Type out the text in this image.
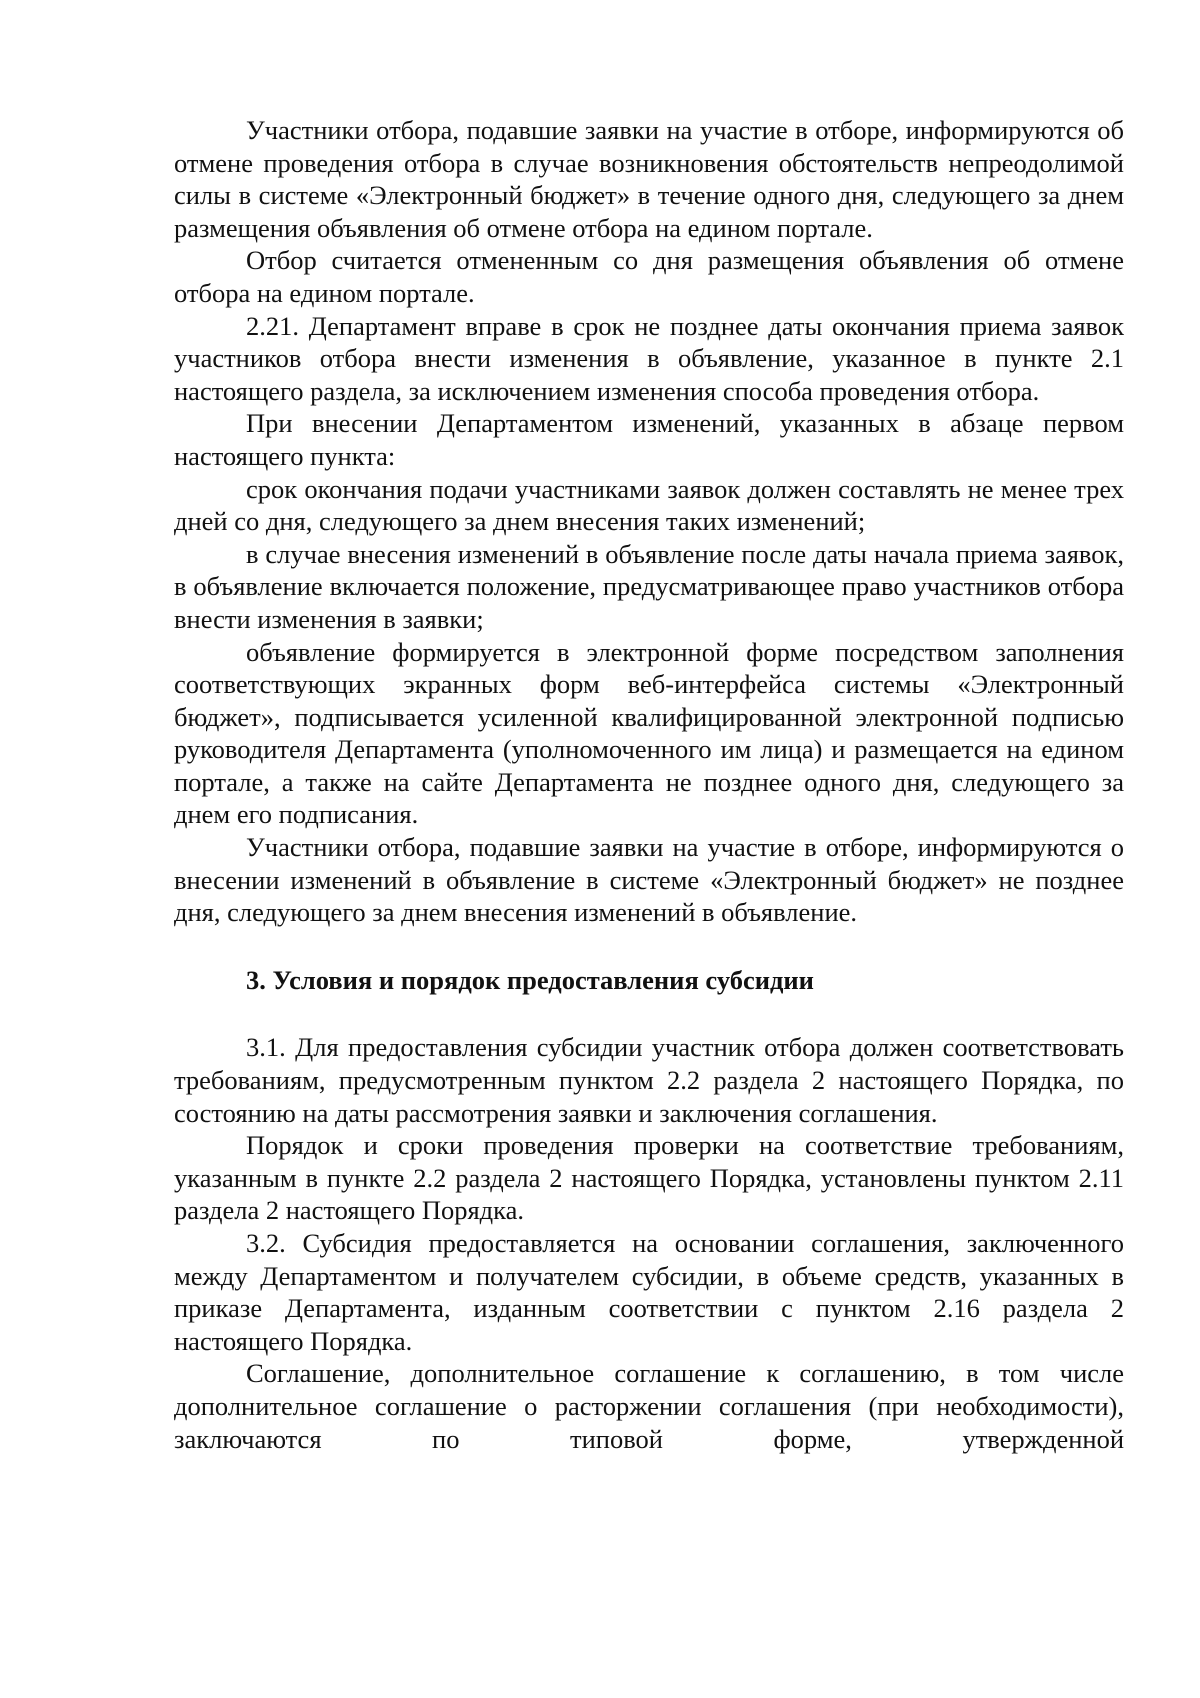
Участники отбора, подавшие заявки на участие в отборе, информируются об отмене проведения отбора в случае возникновения обстоятельств непреодолимой силы в системе «Электронный бюджет» в течение одного дня, следующего за днем размещения объявления об отмене отбора на едином портале.

Отбор считается отмененным со дня размещения объявления об отмене отбора на едином портале.

2.21. Департамент вправе в срок не позднее даты окончания приема заявок участников отбора внести изменения в объявление, указанное в пункте 2.1 настоящего раздела, за исключением изменения способа проведения отбора.

При внесении Департаментом изменений, указанных в абзаце первом настоящего пункта:

срок окончания подачи участниками заявок должен составлять не менее трех дней со дня, следующего за днем внесения таких изменений;

в случае внесения изменений в объявление после даты начала приема заявок, в объявление включается положение, предусматривающее право участников отбора внести изменения в заявки;

объявление формируется в электронной форме посредством заполнения соответствующих экранных форм веб-интерфейса системы «Электронный бюджет», подписывается усиленной квалифицированной электронной подписью руководителя Департамента (уполномоченного им лица) и размещается на едином портале, а также на сайте Департамента не позднее одного дня, следующего за днем его подписания.

Участники отбора, подавшие заявки на участие в отборе, информируются о внесении изменений в объявление в системе «Электронный бюджет» не позднее дня, следующего за днем внесения изменений в объявление.

3. Условия и порядок предоставления субсидии

3.1. Для предоставления субсидии участник отбора должен соответствовать требованиям, предусмотренным пунктом 2.2 раздела 2 настоящего Порядка, по состоянию на даты рассмотрения заявки и заключения соглашения.

Порядок и сроки проведения проверки на соответствие требованиям, указанным в пункте 2.2 раздела 2 настоящего Порядка, установлены пунктом 2.11 раздела 2 настоящего Порядка.

3.2. Субсидия предоставляется на основании соглашения, заключенного между Департаментом и получателем субсидии, в объеме средств, указанных в приказе Департамента, изданным соответствии с пунктом 2.16 раздела 2 настоящего Порядка.

Соглашение, дополнительное соглашение к соглашению, в том числе дополнительное соглашение о расторжении соглашения (при необходимости), заключаются по типовой форме, утвержденной
